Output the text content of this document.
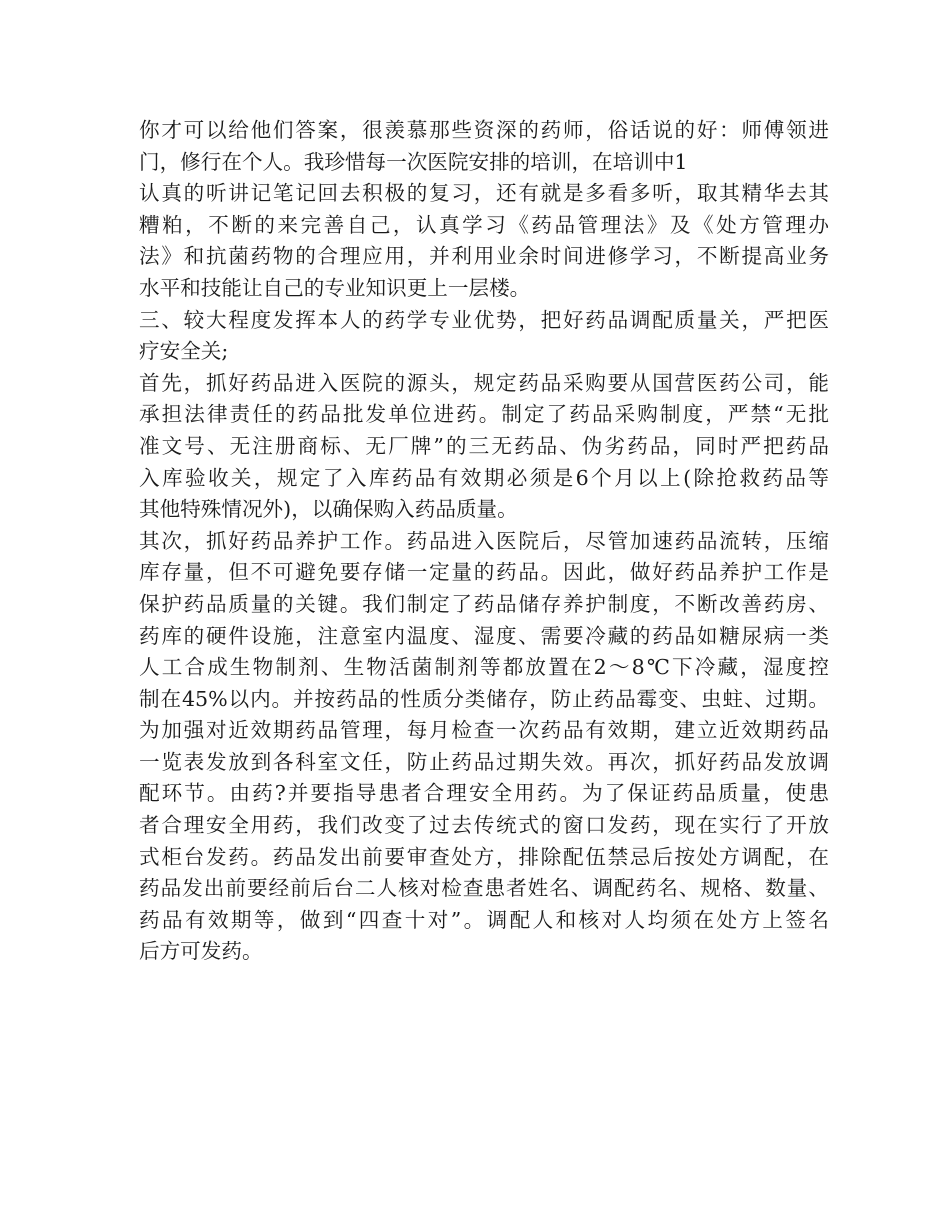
你才可以给他们答案，很羡慕那些资深的药师，俗话说的好：师傅领进
门，修行在个人。我珍惜每一次医院安排的培训，在培训中1
认真的听讲记笔记回去积极的复习，还有就是多看多听，取其精华去其
糟粕，不断的来完善自己，认真学习《药品管理法》及《处方管理办
法》和抗菌药物的合理应用，并利用业余时间进修学习，不断提高业务
水平和技能让自己的专业知识更上一层楼。
三、较大程度发挥本人的药学专业优势，把好药品调配质量关，严把医
疗安全关;
首先，抓好药品进入医院的源头，规定药品采购要从国营医药公司，能
承担法律责任的药品批发单位进药。制定了药品采购制度，严禁“无批
准文号、无注册商标、无厂牌”的三无药品、伪劣药品，同时严把药品
入库验收关，规定了入库药品有效期必须是6个月以上(除抢救药品等
其他特殊情况外)，以确保购入药品质量。
其次，抓好药品养护工作。药品进入医院后，尽管加速药品流转，压缩
库存量，但不可避免要存储一定量的药品。因此，做好药品养护工作是
保护药品质量的关键。我们制定了药品储存养护制度，不断改善药房、
药库的硬件设施，注意室内温度、湿度、需要冷藏的药品如糖尿病一类
人工合成生物制剂、生物活菌制剂等都放置在2～8℃下冷藏，湿度控
制在45%以内。并按药品的性质分类储存，防止药品霉变、虫蛀、过期。
为加强对近效期药品管理，每月检查一次药品有效期，建立近效期药品
一览表发放到各科室文任，防止药品过期失效。再次，抓好药品发放调
配环节。由药?并要指导患者合理安全用药。为了保证药品质量，使患
者合理安全用药，我们改变了过去传统式的窗口发药，现在实行了开放
式柜台发药。药品发出前要审查处方，排除配伍禁忌后按处方调配，在
药品发出前要经前后台二人核对检查患者姓名、调配药名、规格、数量、
药品有效期等，做到“四查十对”。调配人和核对人均须在处方上签名
后方可发药。
